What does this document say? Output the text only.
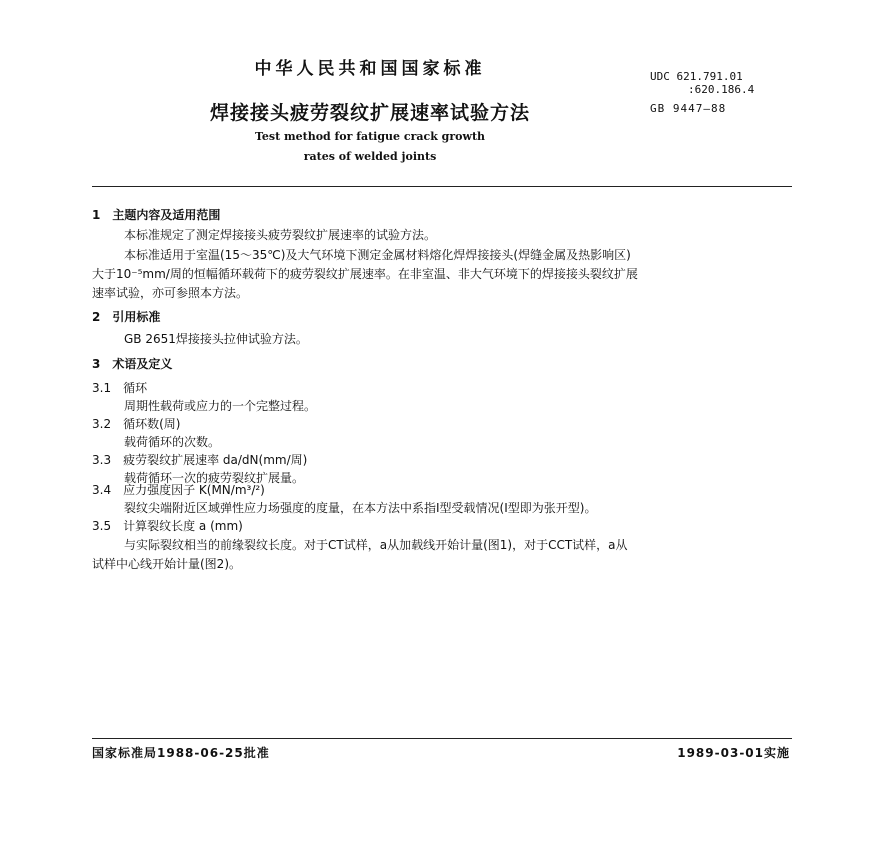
中华人民共和国国家标准	UDC 621.791.01
:620.186.4
GB 9447—88
焊接接头疲劳裂纹扩展速率试验方法
Test method for fatigue crack growth
rates of welded joints
1　主题内容及适用范围
本标准规定了测定焊接接头疲劳裂纹扩展速率的试验方法。
本标准适用于室温(15～35℃)及大气环境下测定金属材料熔化焊焊接接头(焊缝金属及热影响区)
大于10⁻⁵mm/周的恒幅循环载荷下的疲劳裂纹扩展速率。在非室温、非大气环境下的焊接接头裂纹扩展
速率试验，亦可参照本方法。
2　引用标准
GB 2651焊接接头拉伸试验方法。
3　术语及定义
3.1　循环
周期性载荷或应力的一个完整过程。
3.2　循环数(周)
载荷循环的次数。
3.3　疲劳裂纹扩展速率 da/dN(mm/周)
载荷循环一次的疲劳裂纹扩展量。
3.4　应力强度因子 K(MN/m³/²)
裂纹尖端附近区域弹性应力场强度的度量，在本方法中系指Ⅰ型受载情况(Ⅰ型即为张开型)。
3.5　计算裂纹长度 a (mm)
与实际裂纹相当的前缘裂纹长度。对于CT试样，a从加载线开始计量(图1)，对于CCT试样，a从
试样中心线开始计量(图2)。
国家标准局1988-06-25批准	1989-03-01实施
